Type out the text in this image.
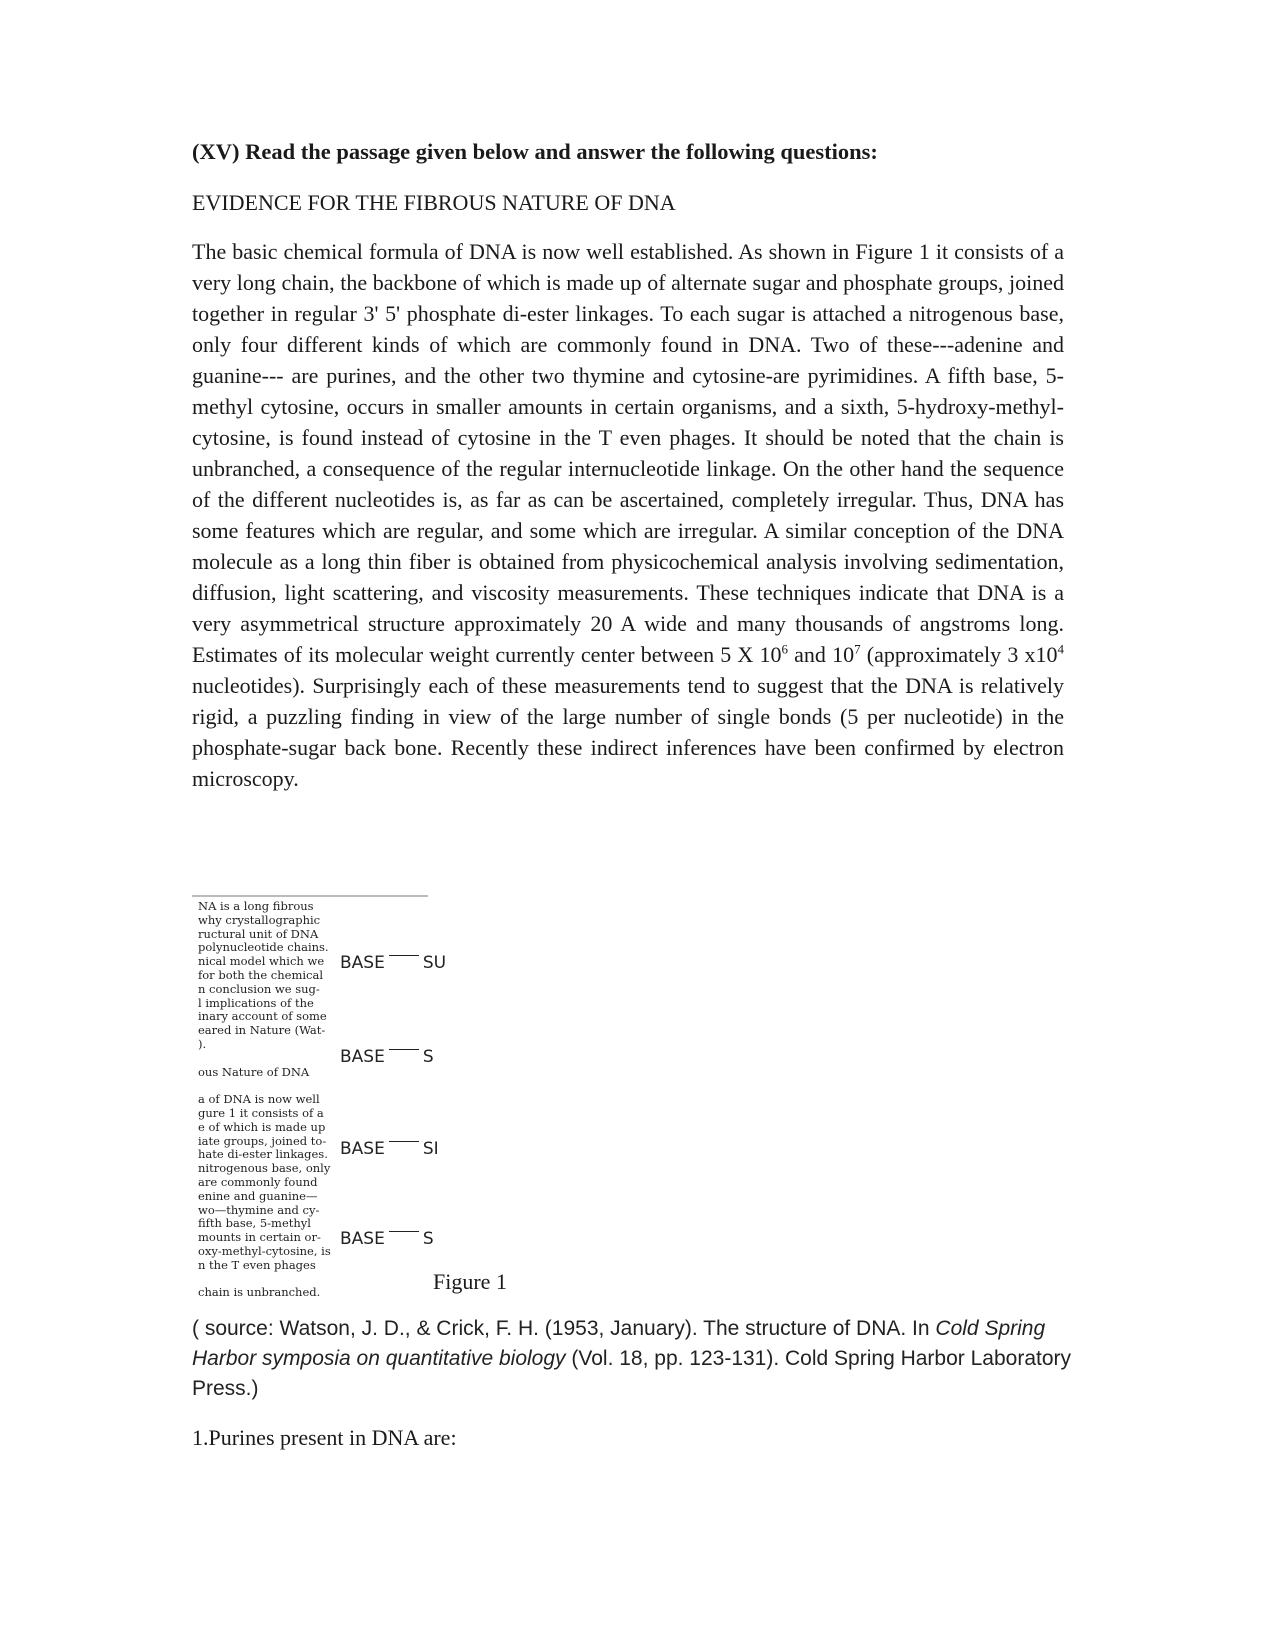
(XV) Read the passage given below and answer the following questions:

EVIDENCE FOR THE FIBROUS NATURE OF DNA

The basic chemical formula of DNA is now well established. As shown in Figure 1 it consists of a very long chain, the backbone of which is made up of alternate sugar and phosphate groups, joined together in regular 3' 5' phosphate di-ester linkages. To each sugar is attached a nitrogenous base, only four different kinds of which are commonly found in DNA. Two of these---adenine and guanine--- are purines, and the other two thymine and cytosine-are pyrimidines. A fifth base, 5-methyl cytosine, occurs in smaller amounts in certain organisms, and a sixth, 5-hydroxy-methyl-cytosine, is found instead of cytosine in the T even phages. It should be noted that the chain is unbranched, a consequence of the regular internucleotide linkage. On the other hand the sequence of the different nucleotides is, as far as can be ascertained, completely irregular. Thus, DNA has some features which are regular, and some which are irregular. A similar conception of the DNA molecule as a long thin fiber is obtained from physicochemical analysis involving sedimentation, diffusion, light scattering, and viscosity measurements. These techniques indicate that DNA is a very asymmetrical structure approximately 20 A wide and many thousands of angstroms long. Estimates of its molecular weight currently center between 5 X $10^6$ and $10^7$ (approximately 3 $x10^4$ nucleotides). Surprisingly each of these measurements tend to suggest that the DNA is relatively rigid, a puzzling finding in view of the large number of single bonds (5 per nucleotide) in the phosphate-sugar back bone. Recently these indirect inferences have been confirmed by electron microscopy.

NA is a long fibrous
why crystallographic
ructural unit of DNA
polynucleotide chains.
nical model which we
for both the chemical
n conclusion we sug-
l implications of the
inary account of some
eared in Nature (Wat-
).
ous Nature of DNA
a of DNA is now well
gure 1 it consists of a
e of which is made up
iate groups, joined to-
hate di-ester linkages.
nitrogenous base, only
are commonly found
enine and guanine—
wo—thymine and cy-
fifth base, 5-methyl
mounts in certain or-
oxy-methyl-cytosine, is
n the T even phages
chain is unbranched.
BASE SU
BASE S
BASE SI
BASE S
Figure 1
( source: Watson, J. D., & Crick, F. H. (1953, January). The structure of DNA. In Cold Spring Harbor symposia on quantitative biology (Vol. 18, pp. 123-131). Cold Spring Harbor Laboratory Press.)
1.Purines present in DNA are:
